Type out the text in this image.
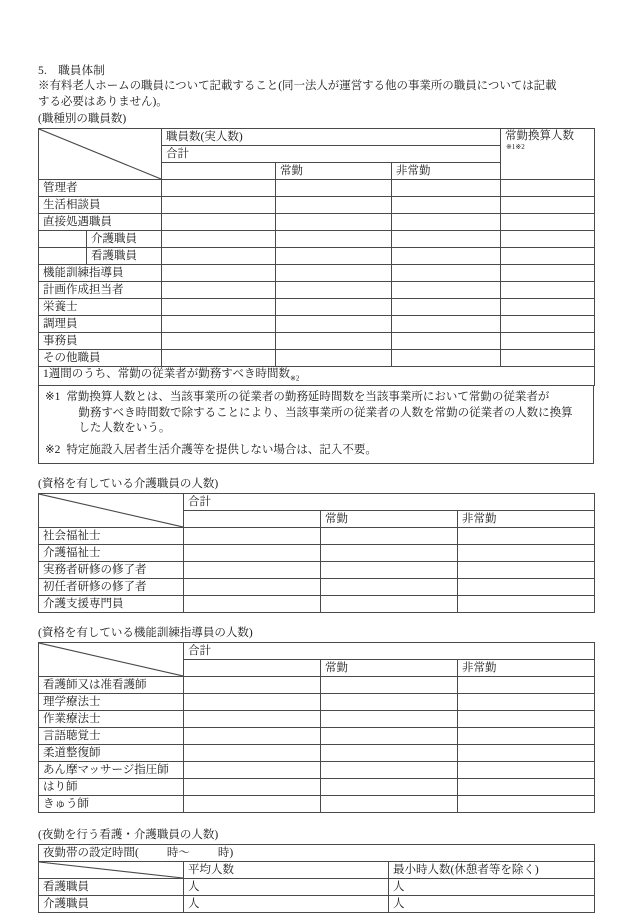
5. 職員体制
※有料老人ホームの職員について記載すること(同一法人が運営する他の事業所の職員については記載
する必要はありません)。
(職種別の職員数)
	職員数(実人数)			常勤換算人数
※1※2

		合計			
			常勤	非常勤	
管理者					
生活相談員					
直接処遇職員					
	介護職員				
	看護職員				
機能訓練指導員					
計画作成担当者					
栄養士					
調理員					
事務員					
その他職員					
1週間のうち、常勤の従業者が勤務すべき時間数$_{※2}$
※1 常勤換算人数とは、当該事業所の従業者の勤務延時間数を当該事業所において常勤の従業者が

勤務すべき時間数で除することにより、当該事業所の従業者の人数を常勤の従業者の人数に換算

した人数をいう。

※2 特定施設入居者生活介護等を提供しない場合は、記入不要。

(資格を有している介護職員の人数)
	合計		
		常勤	非常勤
社会福祉士			
介護福祉士			
実務者研修の修了者			
初任者研修の修了者			
介護支援専門員			
(資格を有している機能訓練指導員の人数)
	合計		
		常勤	非常勤
看護師又は准看護師			
理学療法士			
作業療法士			
言語聴覚士			
柔道整復師			
あん摩マッサージ指圧師			
はり師			
きゅう師			
(夜勤を行う看護・介護職員の人数)
夜勤帯の設定時間( 時～ 時)		

	平均人数	最小時人数(休憩者等を除く)
看護職員	人	人
介護職員	人	人
